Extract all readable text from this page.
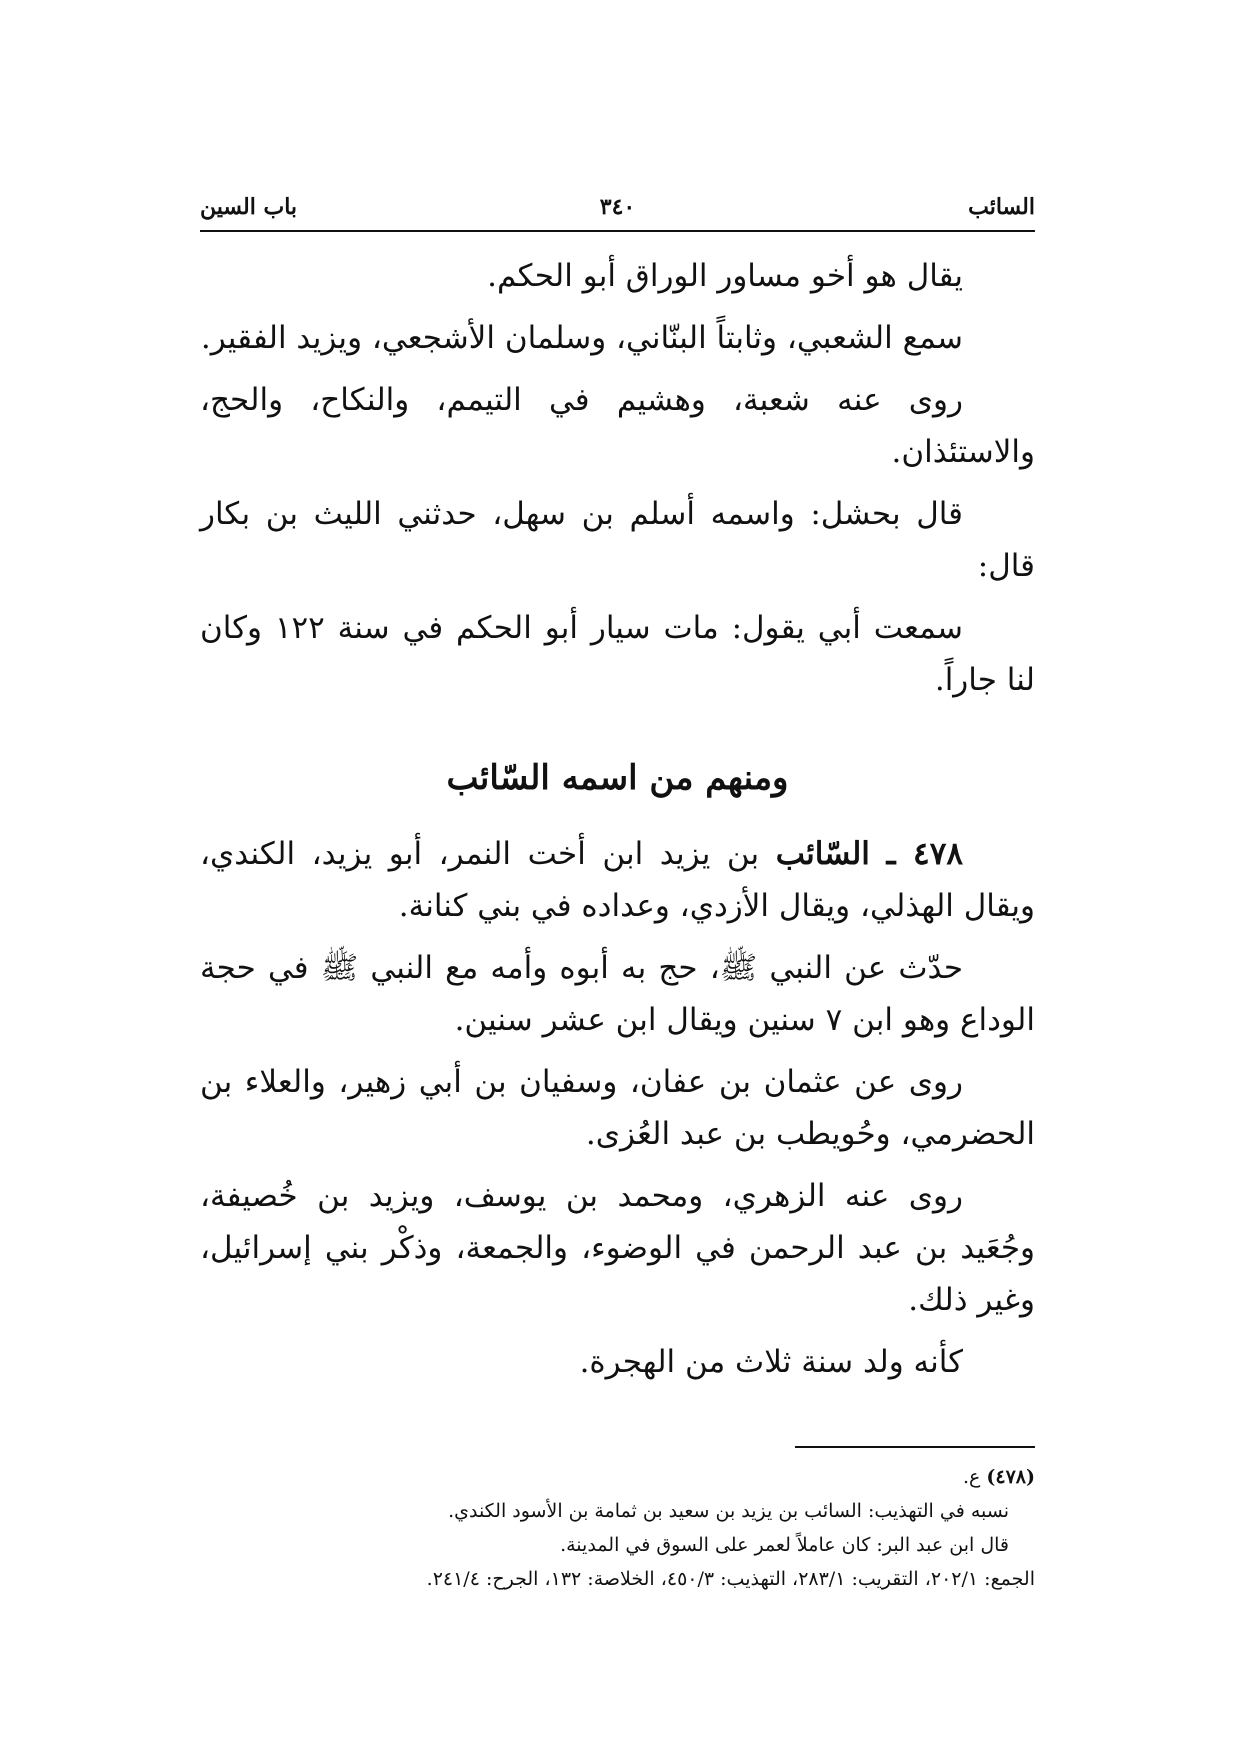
السائب
٣٤٠
باب السين

يقال هو أخو مساور الوراق أبو الحكم.

سمع الشعبي، وثابتاً البنّاني، وسلمان الأشجعي، ويزيد الفقير.

روى عنه شعبة، وهشيم في التيمم، والنكاح، والحج، والاستئذان.

قال بحشل: واسمه أسلم بن سهل، حدثني الليث بن بكار قال:

سمعت أبي يقول: مات سيار أبو الحكم في سنة ١٢٢ وكان لنا جاراً.

ومنهم من اسمه السّائب

٤٧٨ ـ السّائب بن يزيد ابن أخت النمر، أبو يزيد، الكندي، ويقال الهذلي، ويقال الأزدي، وعداده في بني كنانة.

حدّث عن النبي ﷺ، حج به أبوه وأمه مع النبي ﷺ في حجة الوداع وهو ابن ٧ سنين ويقال ابن عشر سنين.

روى عن عثمان بن عفان، وسفيان بن أبي زهير، والعلاء بن الحضرمي، وحُويطب بن عبد العُزى.

روى عنه الزهري، ومحمد بن يوسف، ويزيد بن خُصيفة، وجُعَيد بن عبد الرحمن في الوضوء، والجمعة، وذكْر بني إسرائيل، وغير ذلك.

كأنه ولد سنة ثلاث من الهجرة.

(٤٧٨) ع.

نسبه في التهذيب: السائب بن يزيد بن سعيد بن ثمامة بن الأسود الكندي.

قال ابن عبد البر: كان عاملاً لعمر على السوق في المدينة.

الجمع: ٢٠٢/١، التقريب: ٢٨٣/١، التهذيب: ٤٥٠/٣، الخلاصة: ١٣٢، الجرح: ٢٤١/٤.
